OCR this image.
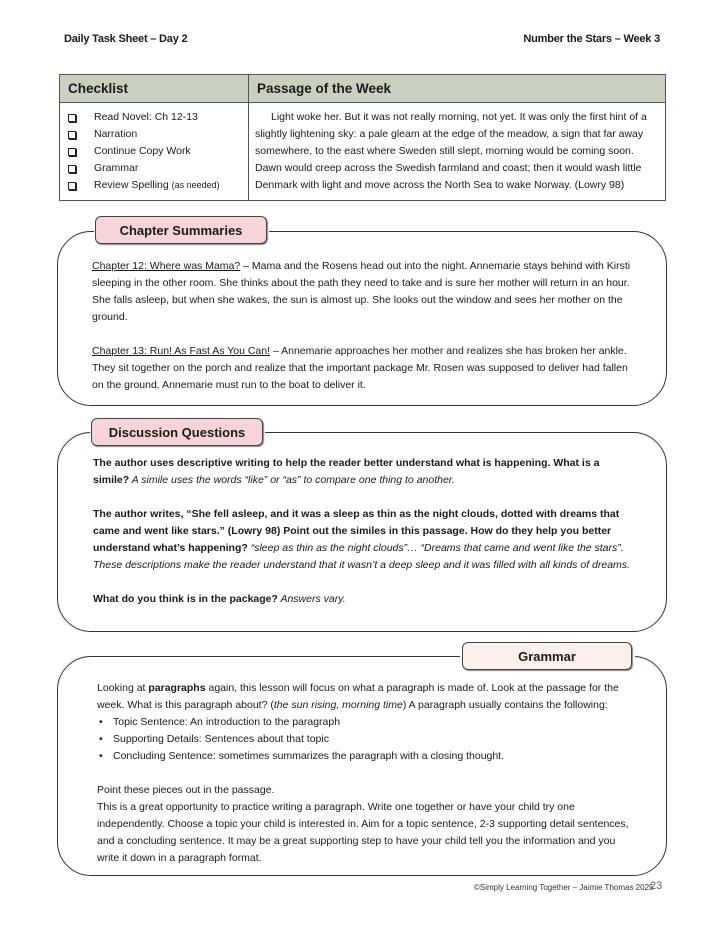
Daily Task Sheet – Day 2	Number the Stars – Week 3
Checklist	Passage of the Week

Read Novel: Ch 12-13
Narration
Continue Copy Work
Grammar
Review Spelling
(as needed)
	Light woke her. But it was not really morning, not yet. It was only the first hint of a slightly lightening sky: a pale gleam at the edge of the meadow, a sign that far away somewhere, to the east where Sweden still slept, morning would be coming soon. Dawn would creep across the Swedish farmland and coast; then it would wash little Denmark with light and move across the North Sea to wake Norway. (Lowry 98)
Chapter Summaries

Chapter 12: Where was Mama? – Mama and the Rosens head out into the night. Annemarie stays behind with Kirsti sleeping in the other room. She thinks about the path they need to take and is sure her mother will return in an hour. She falls asleep, but when she wakes, the sun is almost up. She looks out the window and sees her mother on the ground.

Chapter 13: Run! As Fast As You Can! – Annemarie approaches her mother and realizes she has broken her ankle. They sit together on the porch and realize that the important package Mr. Rosen was supposed to deliver had fallen on the ground. Annemarie must run to the boat to deliver it.

Discussion Questions

The author uses descriptive writing to help the reader better understand what is happening. What is a simile? A simile uses the words “like” or “as” to compare one thing to another.

The author writes, “She fell asleep, and it was a sleep as thin as the night clouds, dotted with dreams that came and went like stars.” (Lowry 98) Point out the similes in this passage. How do they help you better understand what’s happening? “sleep as thin as the night clouds”… “Dreams that came and went like the stars”. These descriptions make the reader understand that it wasn’t a deep sleep and it was filled with all kinds of dreams.

What do you think is in the package? Answers vary.

Grammar
Looking at paragraphs again, this lesson will focus on what a paragraph is made of. Look at the passage for the week. What is this paragraph about? (the sun rising, morning time) A paragraph usually contains the following:
• Topic Sentence: An introduction to the paragraph
• Supporting Details: Sentences about that topic
• Concluding Sentence: sometimes summarizes the paragraph with a closing thought.
Point these pieces out in the passage.
This is a great opportunity to practice writing a paragraph. Write one together or have your child try one independently. Choose a topic your child is interested in. Aim for a topic sentence, 2-3 supporting detail sentences, and a concluding sentence. It may be a great supporting step to have your child tell you the information and you write it down in a paragraph format.
©Simply Learning Together – Jaimie Thomas 2025
23
